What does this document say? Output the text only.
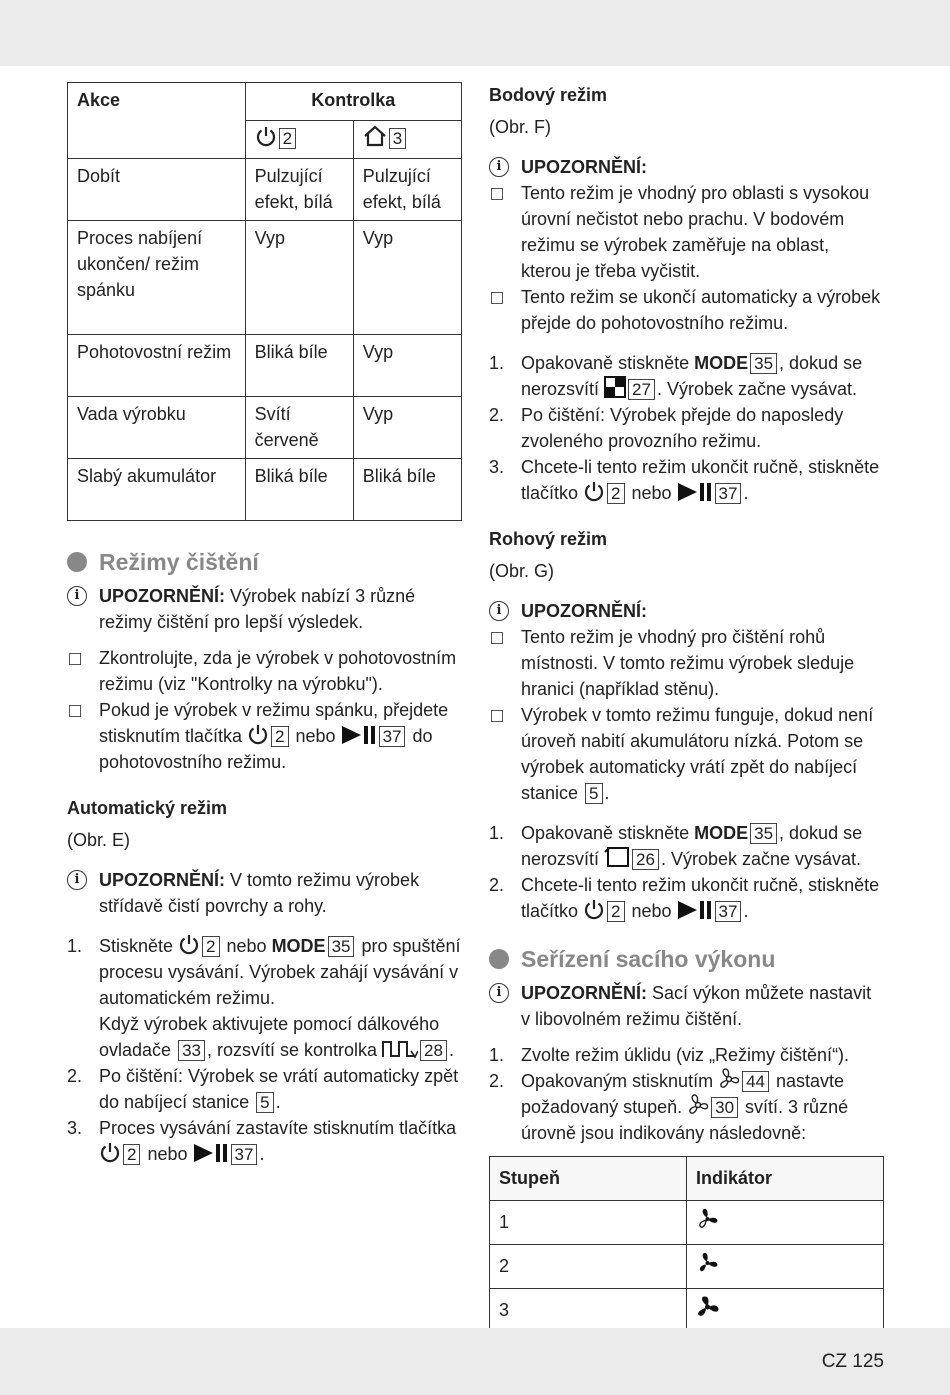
Akce	Kontrolka	
	2	3
Dobít	Pulzující efekt, bílá	Pulzující efekt, bílá
Proces nabíjení ukončen/ režim spánku	Vyp	Vyp
Pohotovostní režim	Bliká bíle	Vyp
Vada výrobku	Svítí červeně	Vyp
Slabý akumulátor	Bliká bíle	Bliká bíle
Režimy čištění
i	UPOZORNĚNÍ: Výrobek nabízí 3 různé režimy čištění pro lepší výsledek.
Zkontrolujte, zda je výrobek v pohotovostním režimu (viz "Kontrolky na výrobku").
Pokud je výrobek v režimu spánku, přejdete stisknutím tlačítka 2 nebo 37 do pohotovostního režimu.

Automatický režim

(Obr. E)

i	UPOZORNĚNÍ: V tomto režimu výrobek střídavě čistí povrchy a rohy.
1. Stiskněte 2 nebo MODE 35 pro spuštění procesu vysávání. Výrobek zahájí vysávání v automatickém režimu.
Když výrobek aktivujete pomocí dálkového ovladače 33 , rozsvítí se kontrolka 28 .
2. Po čištění: Výrobek se vrátí automaticky zpět do nabíjecí stanice 5 .
3. Proces vysávání zastavíte stisknutím tlačítka
2 nebo 37 .

Bodový režim

(Obr. F)

i	UPOZORNĚNÍ:
Tento režim je vhodný pro oblasti s vysokou úrovní nečistot nebo prachu. V bodovém režimu se výrobek zaměřuje na oblast, kterou je třeba vyčistit.
Tento režim se ukončí automaticky a výrobek přejde do pohotovostního režimu.
1. Opakovaně stiskněte MODE 35 , dokud se nerozsvítí 27 . Výrobek začne vysávat.
2. Po čištění: Výrobek přejde do naposledy zvoleného provozního režimu.
3. Chcete-li tento režim ukončit ručně, stiskněte tlačítko 2 nebo 37 .

Rohový režim

(Obr. G)

i	UPOZORNĚNÍ:
Tento režim je vhodný pro čištění rohů místnosti. V tomto režimu výrobek sleduje hranici (například stěnu).
Výrobek v tomto režimu funguje, dokud není úroveň nabití akumulátoru nízká. Potom se výrobek automaticky vrátí zpět do nabíjecí stanice 5 .
1. Opakovaně stiskněte MODE 35 , dokud se nerozsvítí 26 . Výrobek začne vysávat.
2. Chcete-li tento režim ukončit ručně, stiskněte tlačítko 2 nebo 37 .
Seřízení sacího výkonu
i	UPOZORNĚNÍ: Sací výkon můžete nastavit v libovolném režimu čištění.
1. Zvolte režim úklidu (viz „Režimy čištění“).
2. Opakovaným stisknutím 44 nastavte požadovaný stupeň. 30 svítí. 3 různé úrovně jsou indikovány následovně:
Stupeň	Indikátor
1	
2	
3	
CZ 125
